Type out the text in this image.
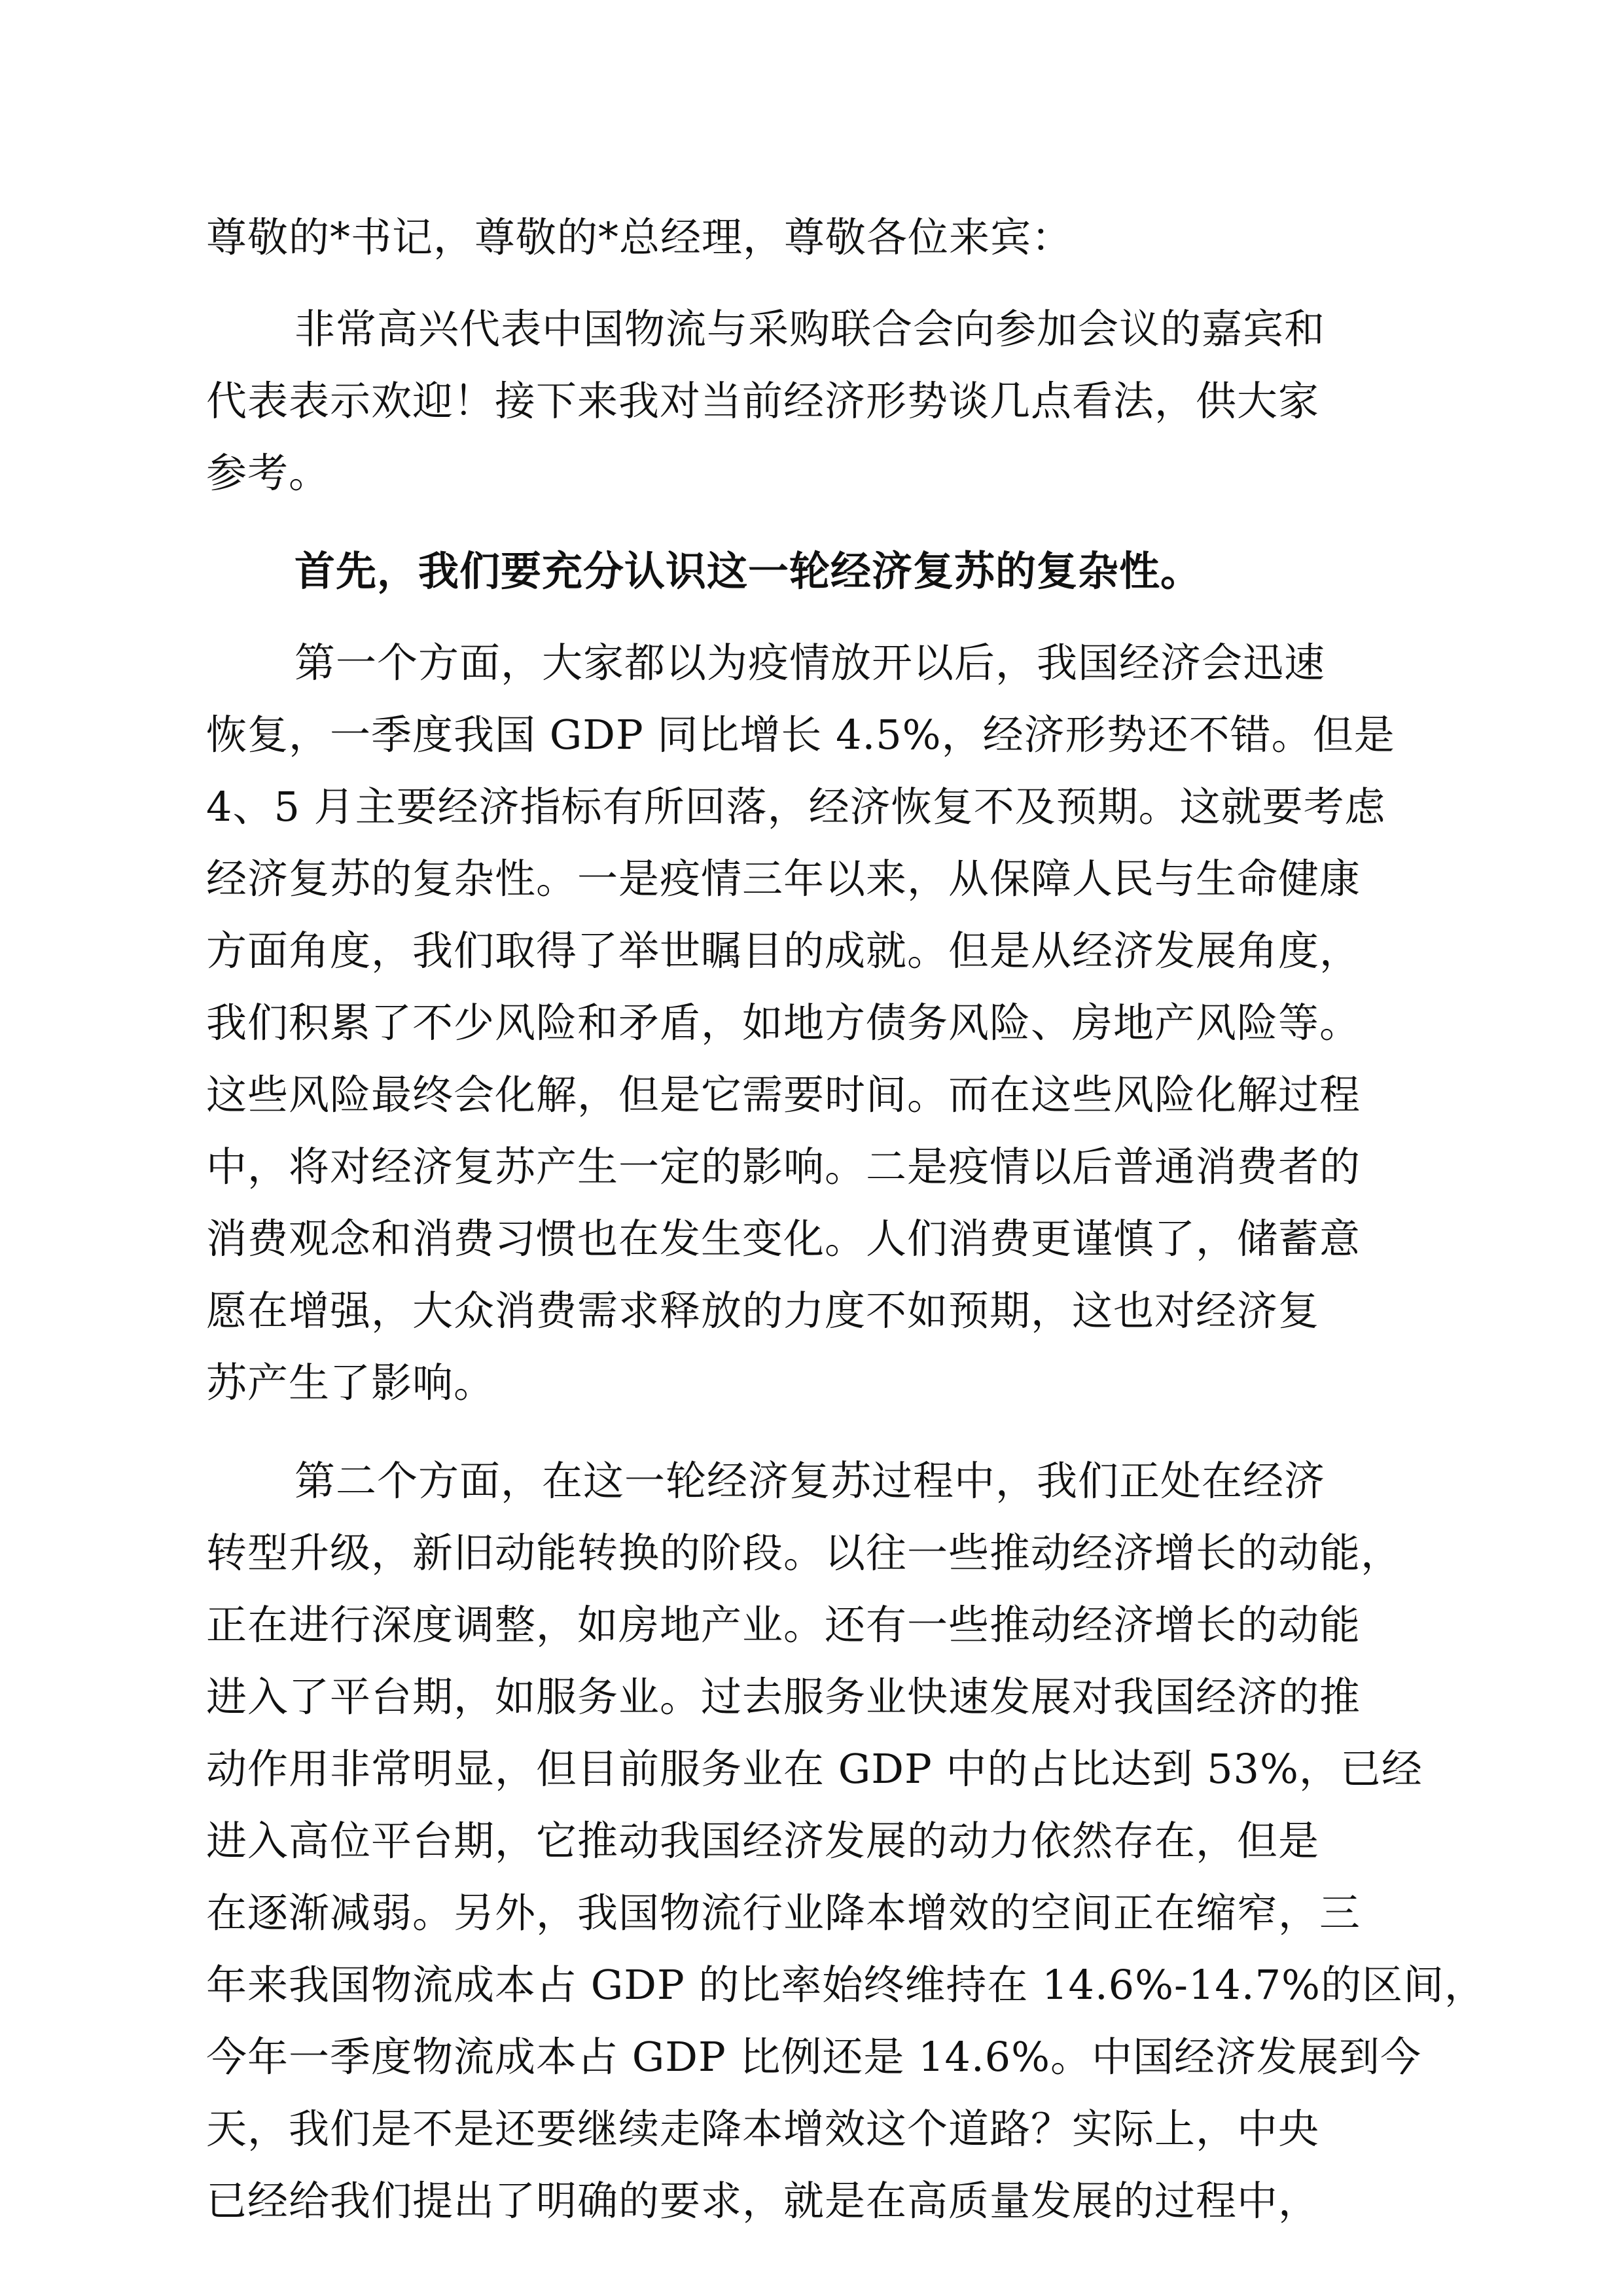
尊敬的*书记，尊敬的*总经理，尊敬各位来宾：

非常高兴代表中国物流与采购联合会向参加会议的嘉宾和
代表表示欢迎！接下来我对当前经济形势谈几点看法，供大家
参考。

首先，我们要充分认识这一轮经济复苏的复杂性。

第一个方面，大家都以为疫情放开以后，我国经济会迅速
恢复，一季度我国 GDP 同比增长 4.5%，经济形势还不错。但是
4、5 月主要经济指标有所回落，经济恢复不及预期。这就要考虑
经济复苏的复杂性。一是疫情三年以来，从保障人民与生命健康
方面角度，我们取得了举世瞩目的成就。但是从经济发展角度，
我们积累了不少风险和矛盾，如地方债务风险、房地产风险等。
这些风险最终会化解，但是它需要时间。而在这些风险化解过程
中，将对经济复苏产生一定的影响。二是疫情以后普通消费者的
消费观念和消费习惯也在发生变化。人们消费更谨慎了，储蓄意
愿在增强，大众消费需求释放的力度不如预期，这也对经济复
苏产生了影响。

第二个方面，在这一轮经济复苏过程中，我们正处在经济
转型升级，新旧动能转换的阶段。以往一些推动经济增长的动能，
正在进行深度调整，如房地产业。还有一些推动经济增长的动能
进入了平台期，如服务业。过去服务业快速发展对我国经济的推
动作用非常明显，但目前服务业在 GDP 中的占比达到 53%，已经
进入高位平台期，它推动我国经济发展的动力依然存在，但是
在逐渐减弱。另外，我国物流行业降本增效的空间正在缩窄，三
年来我国物流成本占 GDP 的比率始终维持在 14.6%-14.7%的区间，
今年一季度物流成本占 GDP 比例还是 14.6%。中国经济发展到今
天，我们是不是还要继续走降本增效这个道路？实际上，中央
已经给我们提出了明确的要求，就是在高质量发展的过程中，
